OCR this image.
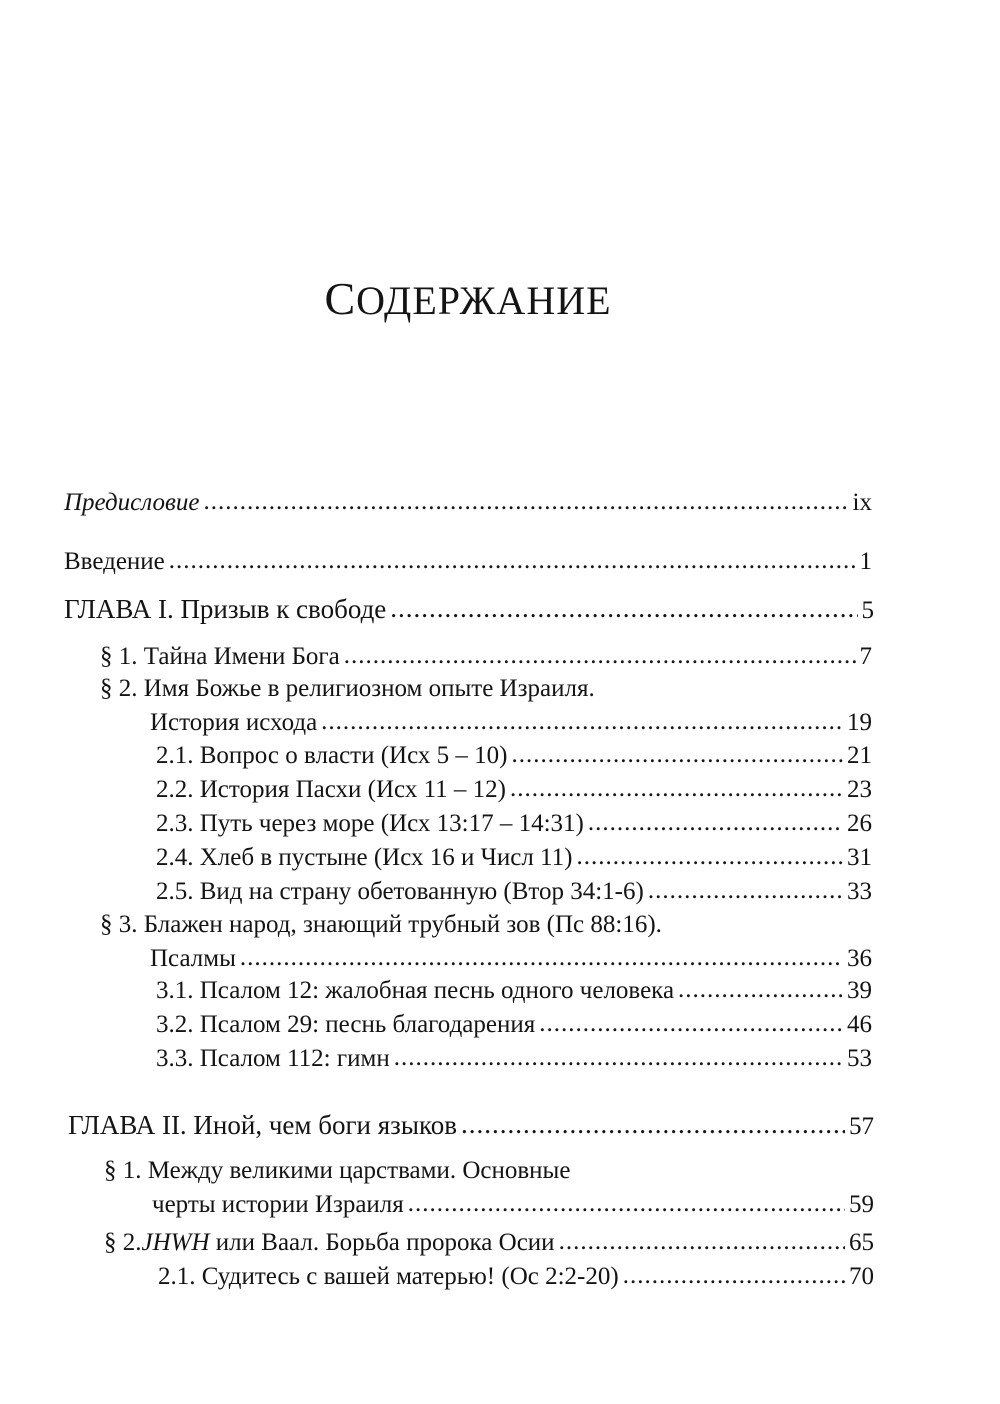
СОДЕРЖАНИЕ
Предисловие .....	ix
Введение .....	1
ГЛАВА I. Призыв к свободе .....	5
§ 1. Тайна Имени Бога .....	7
§ 2. Имя Божье в религиозном опыте Израиля.
История исхода .....	19
2.1. Вопрос о власти (Исх 5 – 10) .....	21
2.2. История Пасхи (Исх 11 – 12) .....	23
2.3. Путь через море (Исх 13:17 – 14:31) .....	26
2.4. Хлеб в пустыне (Исх 16 и Числ 11) .....	31
2.5. Вид на страну обетованную (Втор 34:1-6) .....	33
§ 3. Блажен народ, знающий трубный зов (Пс 88:16).
Псалмы .....	36
3.1. Псалом 12: жалобная песнь одного человека .....	39
3.2. Псалом 29: песнь благодарения .....	46
3.3. Псалом 112: гимн .....	53
ГЛАВА II. Иной, чем боги языков .....	57
§ 1. Между великими царствами. Основные
черты истории Израиля .....	59
§ 2. JHWH или Ваал. Борьба пророка Осии .....	65
2.1. Судитесь с вашей матерью! (Ос 2:2-20) .....	70
